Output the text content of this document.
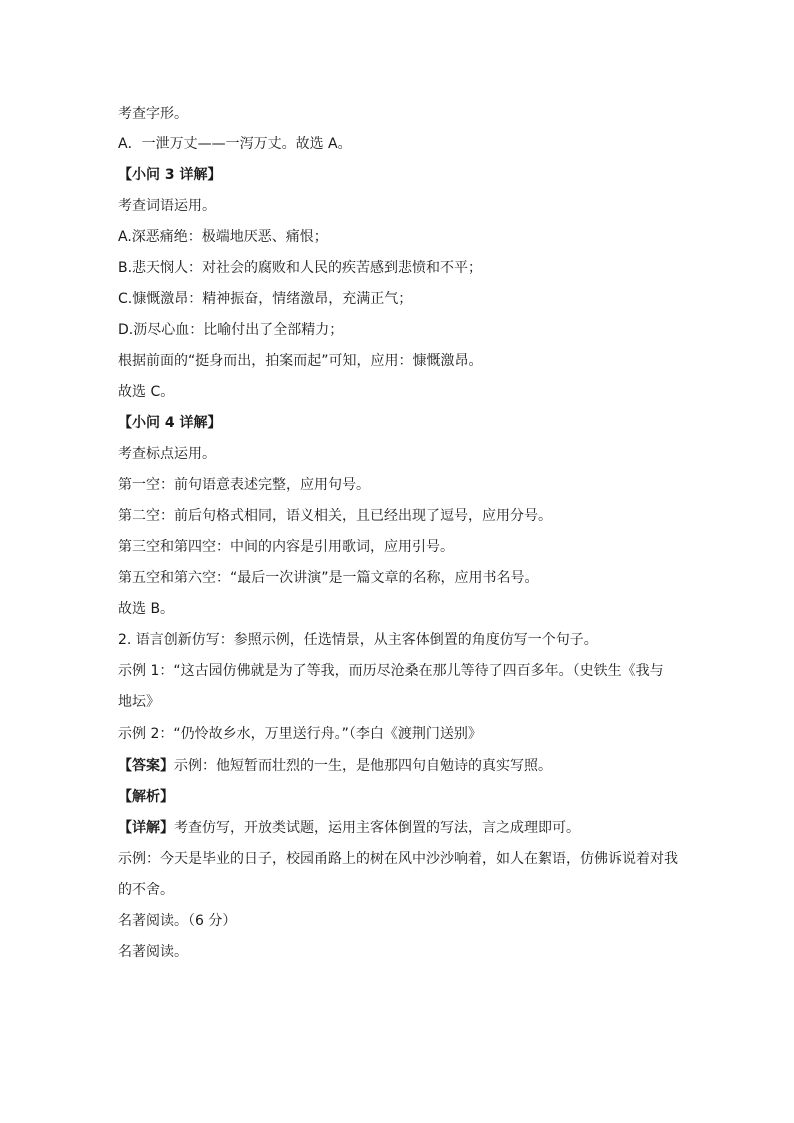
考查字形。
A．一泄万丈——一泻万丈。故选 A。
【小问 3 详解】
考查词语运用。
A.深恶痛绝：极端地厌恶、痛恨；
B.悲天悯人：对社会的腐败和人民的疾苦感到悲愤和不平；
C.慷慨激昂：精神振奋，情绪激昂，充满正气；
D.沥尽心血：比喻付出了全部精力；
根据前面的“挺身而出，拍案而起”可知，应用：慷慨激昂。
故选 C。
【小问 4 详解】
考查标点运用。
第一空：前句语意表述完整，应用句号。
第二空：前后句格式相同，语义相关，且已经出现了逗号，应用分号。
第三空和第四空：中间的内容是引用歌词，应用引号。
第五空和第六空：“最后一次讲演”是一篇文章的名称，应用书名号。
故选 B。
2. 语言创新仿写：参照示例，任选情景，从主客体倒置的角度仿写一个句子。
示例 1：“这古园仿佛就是为了等我，而历尽沧桑在那儿等待了四百多年。（史铁生《我与
地坛》
示例 2：“仍怜故乡水，万里送行舟。”（李白《渡荆门送别》
【答案】示例：他短暂而壮烈的一生，是他那四句自勉诗的真实写照。
【解析】
【详解】考查仿写，开放类试题，运用主客体倒置的写法，言之成理即可。
示例：今天是毕业的日子，校园甬路上的树在风中沙沙响着，如人在絮语，仿佛诉说着对我
的不舍。
名著阅读。（6 分）
名著阅读。
